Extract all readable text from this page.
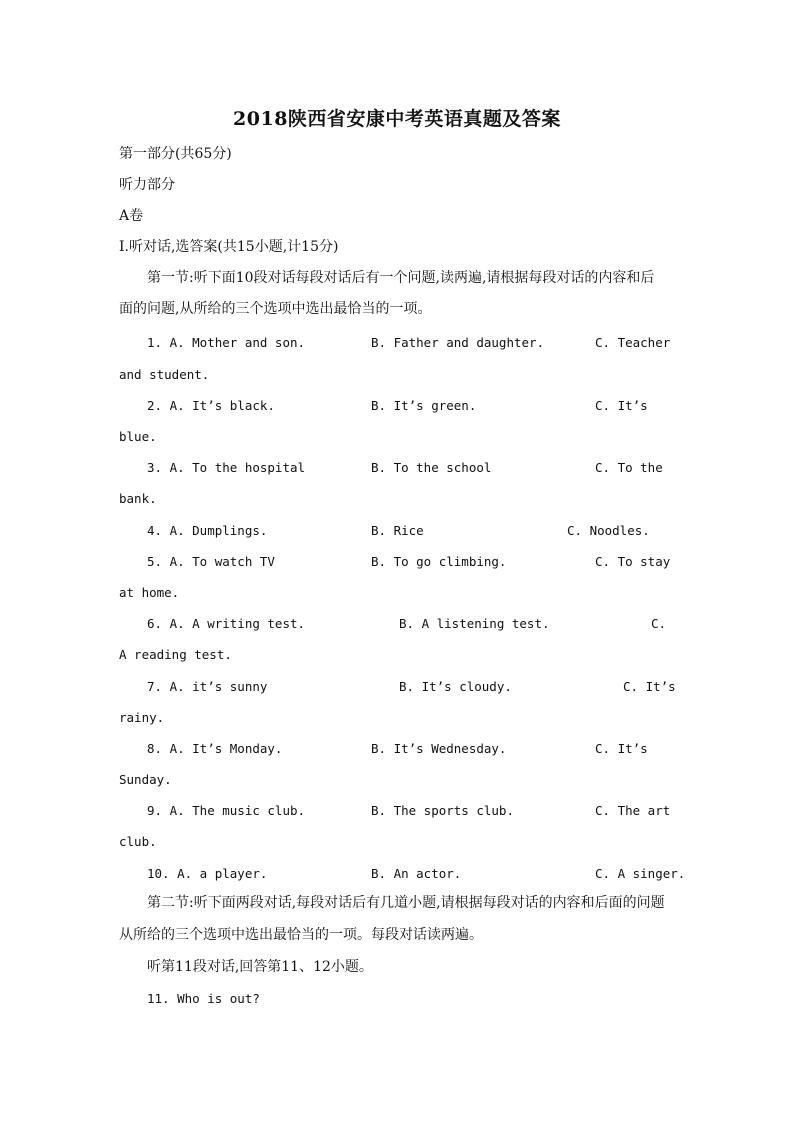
2018陕西省安康中考英语真题及答案
第一部分(共65分)
听力部分
A卷
I.听对话,选答案(共15小题,计15分)
第一节:听下面10段对话每段对话后有一个问题,读两遍,请根据每段对话的内容和后
面的问题,从所给的三个选项中选出最恰当的一项。
1. A. Mother and son.	B. Father and daughter.	C. Teacher
and student.
2. A. It’s black.	B. It’s green.	C. It’s
blue.
3. A. To the hospital	B. To the school	C. To the
bank.
4. A. Dumplings.	B. Rice	C. Noodles.
5. A. To watch TV	B. To go climbing.	C. To stay
at home.
6. A. A writing test.	B. A listening test.	C.
A reading test.
7. A. it’s sunny	B. It’s cloudy.	C. It’s
rainy.
8. A. It’s Monday.	B. It’s Wednesday.	C. It’s
Sunday.
9. A. The music club.	B. The sports club.	C. The art
club.
10. A. a player.	B. An actor.	C. A singer.
第二节:听下面两段对话,每段对话后有几道小题,请根据每段对话的内容和后面的问题
从所给的三个选项中选出最恰当的一项。每段对话读两遍。
听第11段对话,回答第11、12小题。
11. Who is out?
